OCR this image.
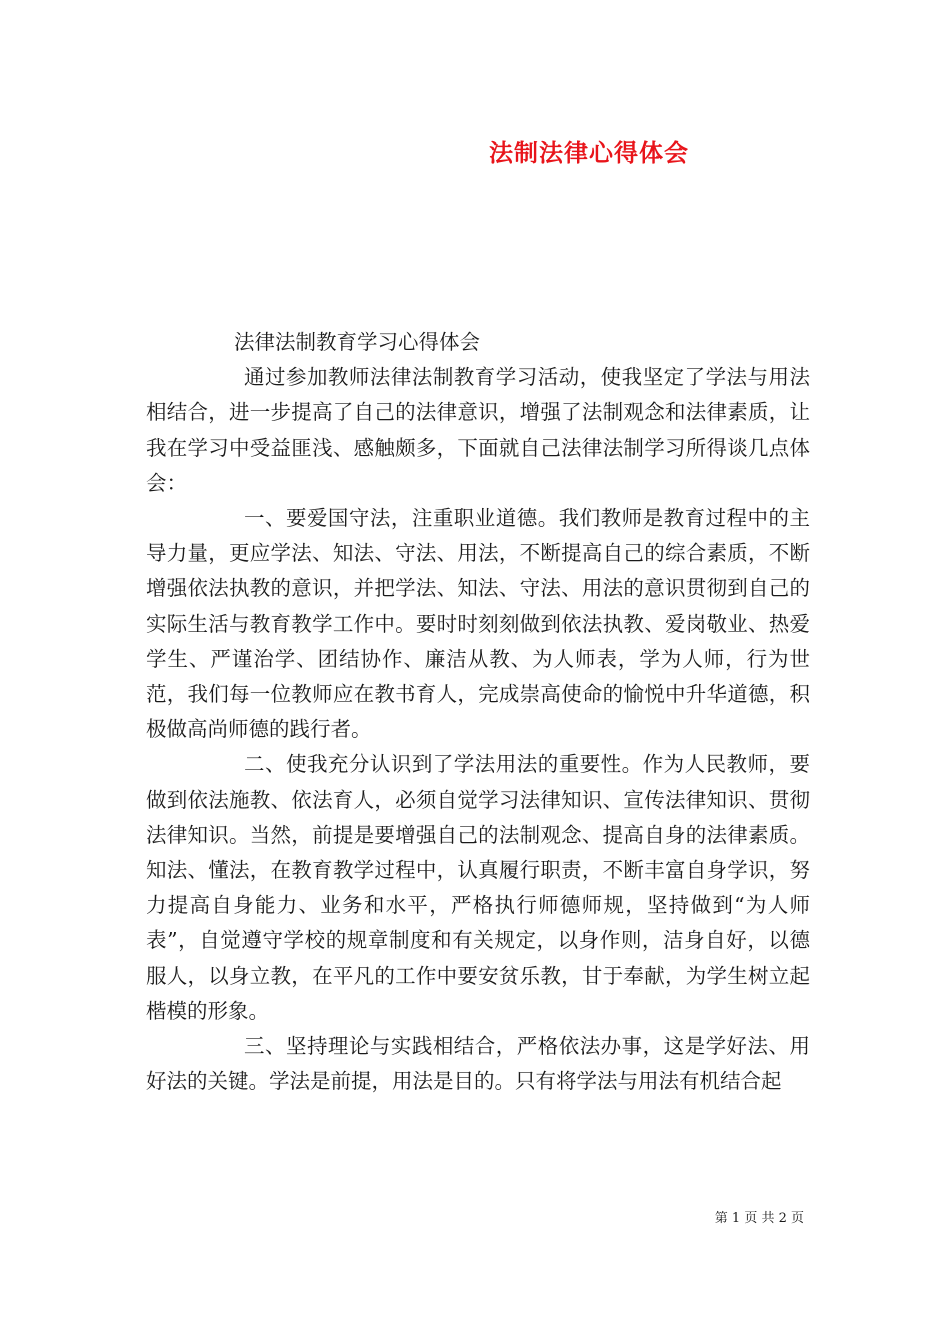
法制法律心得体会

法律法制教育学习心得体会

通过参加教师法律法制教育学习活动，使我坚定了学法与用法相结合，进一步提高了自己的法律意识，增强了法制观念和法律素质，让我在学习中受益匪浅、感触颇多，下面就自己法律法制学习所得谈几点体会：

一、要爱国守法，注重职业道德。我们教师是教育过程中的主导力量，更应学法、知法、守法、用法，不断提高自己的综合素质，不断增强依法执教的意识，并把学法、知法、守法、用法的意识贯彻到自己的实际生活与教育教学工作中。要时时刻刻做到依法执教、爱岗敬业、热爱学生、严谨治学、团结协作、廉洁从教、为人师表，学为人师，行为世范，我们每一位教师应在教书育人，完成崇高使命的愉悦中升华道德，积极做高尚师德的践行者。

二、使我充分认识到了学法用法的重要性。作为人民教师，要做到依法施教、依法育人，必须自觉学习法律知识、宣传法律知识、贯彻法律知识。当然，前提是要增强自己的法制观念、提高自身的法律素质。知法、懂法，在教育教学过程中，认真履行职责，不断丰富自身学识，努力提高自身能力、业务和水平，严格执行师德师规，坚持做到“为人师表”，自觉遵守学校的规章制度和有关规定，以身作则，洁身自好，以德服人，以身立教，在平凡的工作中要安贫乐教，甘于奉献，为学生树立起楷模的形象。

三、坚持理论与实践相结合，严格依法办事，这是学好法、用好法的关键。学法是前提，用法是目的。只有将学法与用法有机结合起

第 1 页 共 2 页
